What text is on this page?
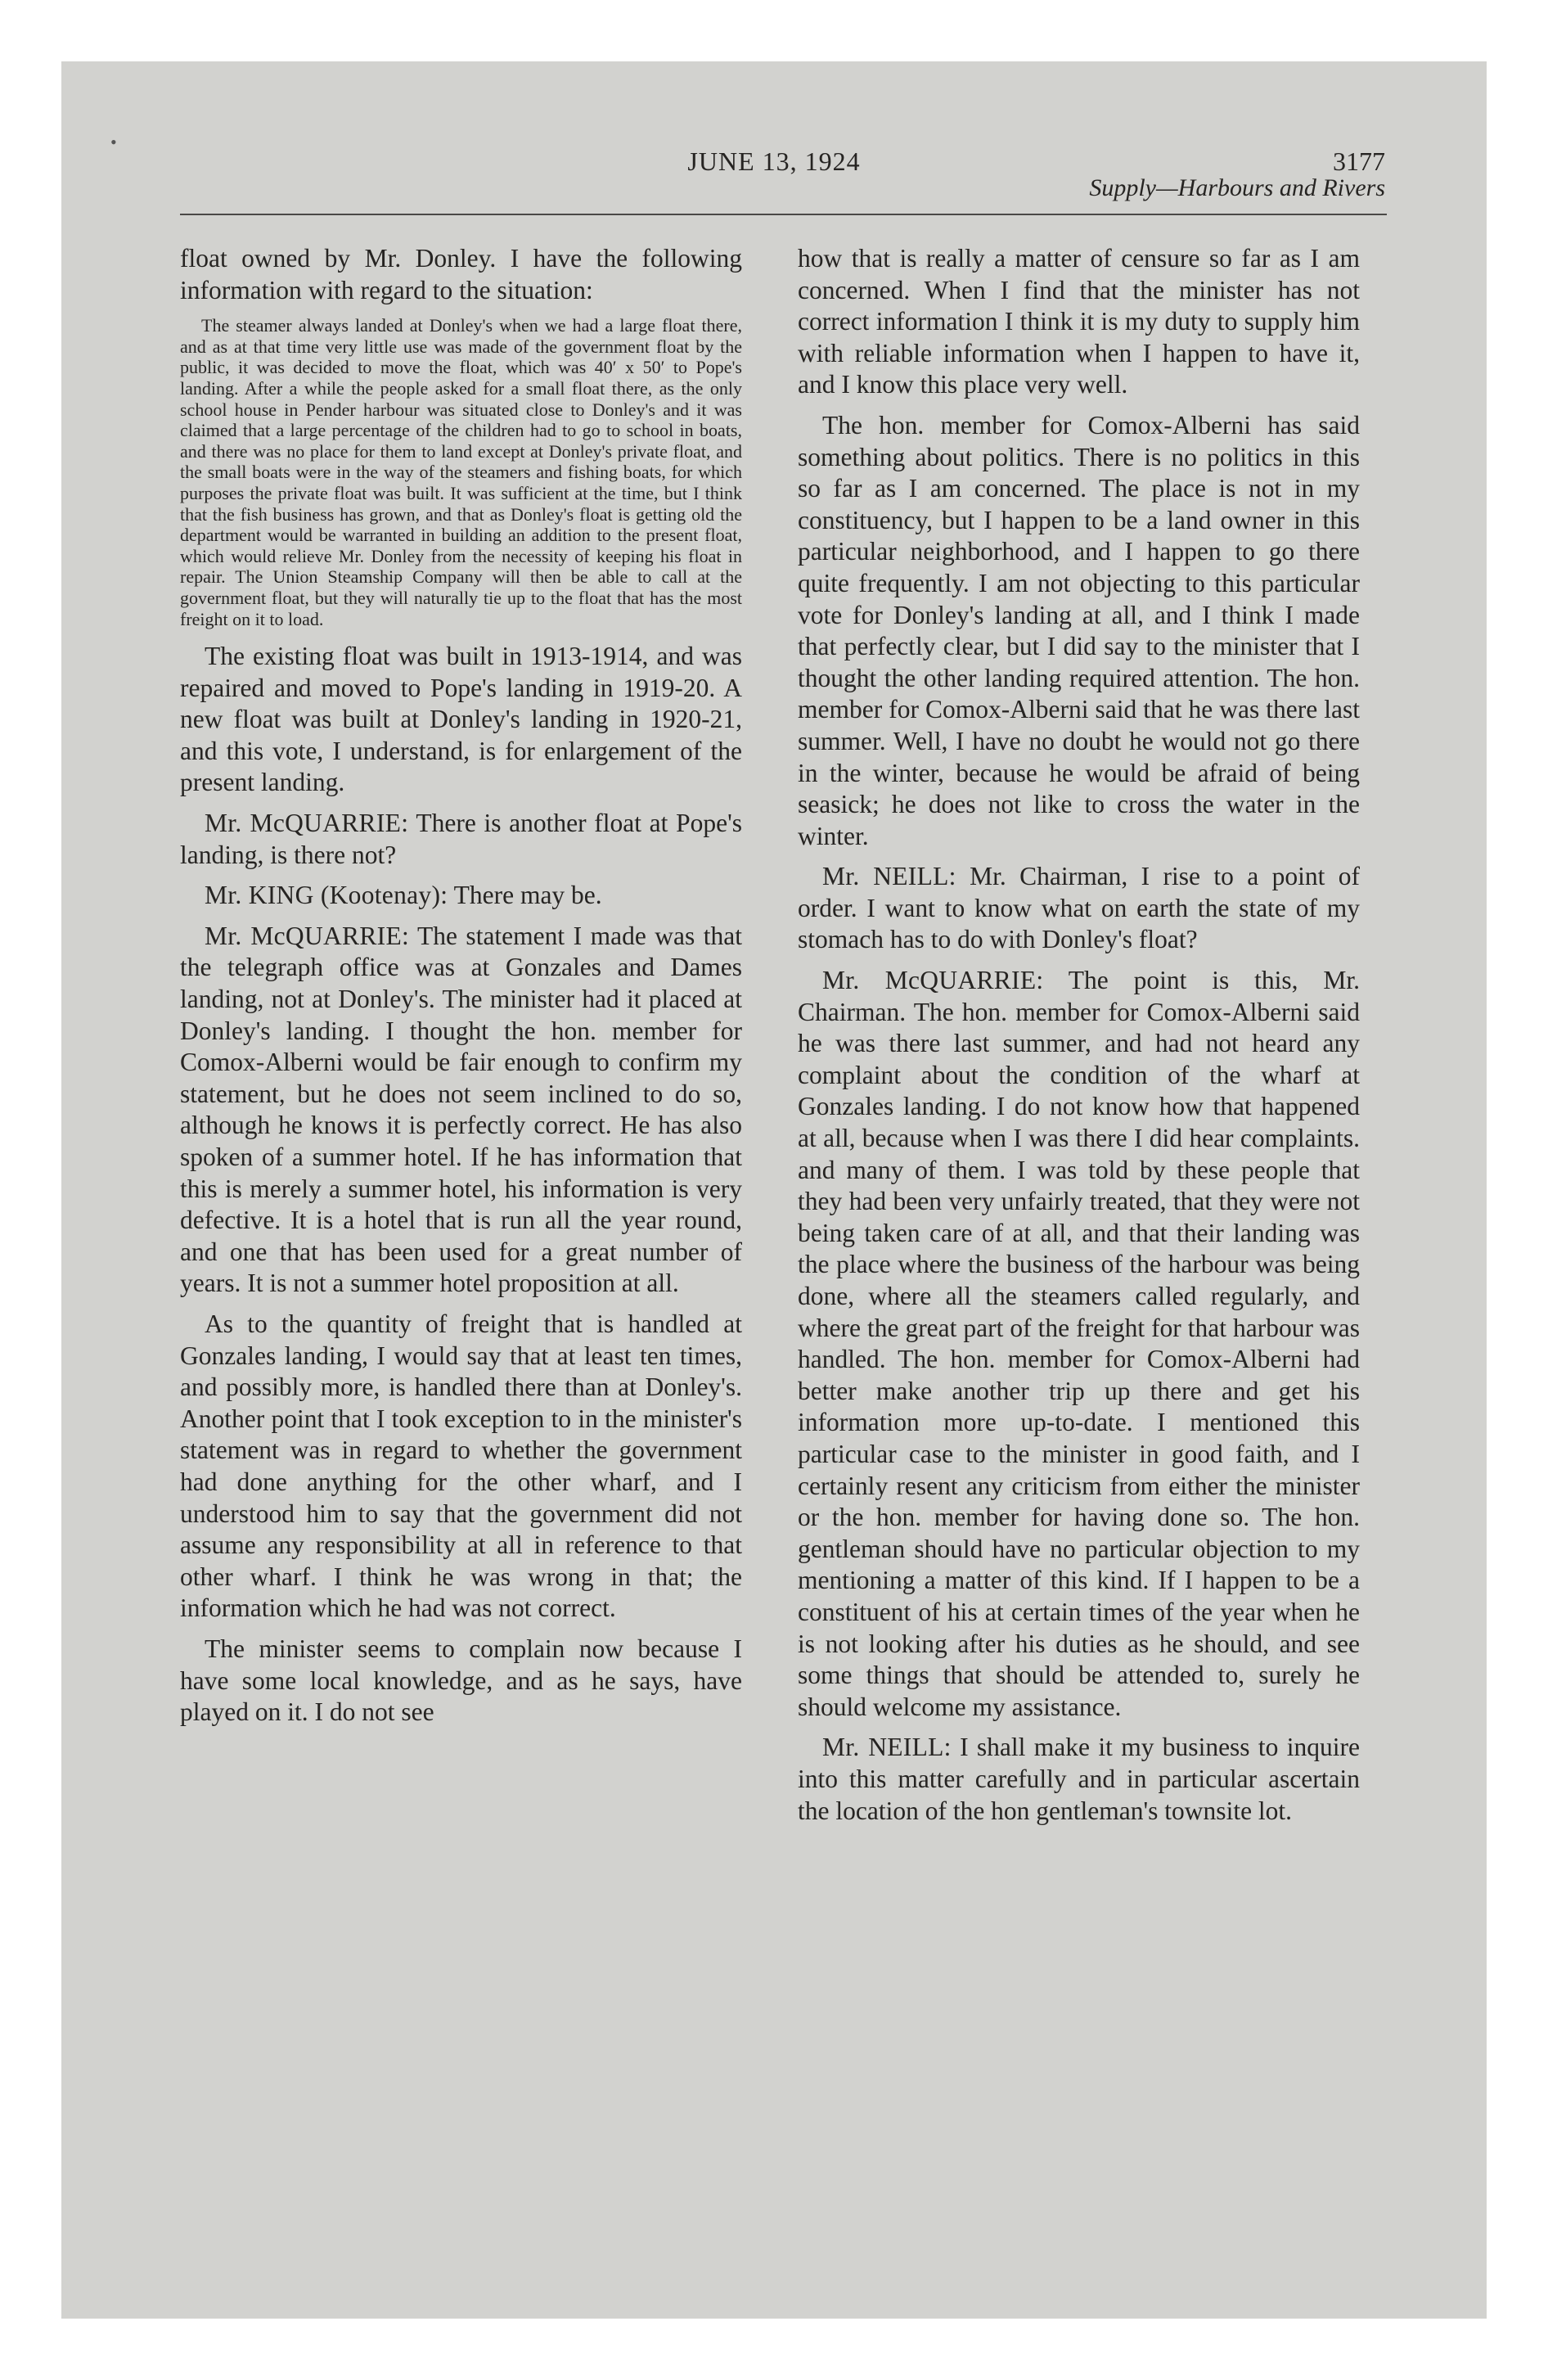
•
JUNE 13, 1924	3177
Supply—Harbours and Rivers

float owned by Mr. Donley. I have the following information with regard to the situation:

The steamer always landed at Donley's when we had a large float there, and as at that time very little use was made of the government float by the public, it was decided to move the float, which was 40′ x 50′ to Pope's landing. After a while the people asked for a small float there, as the only school house in Pender harbour was situated close to Donley's and it was claimed that a large percentage of the children had to go to school in boats, and there was no place for them to land except at Donley's private float, and the small boats were in the way of the steamers and fishing boats, for which purposes the private float was built. It was sufficient at the time, but I think that the fish business has grown, and that as Donley's float is getting old the department would be warranted in building an addition to the present float, which would relieve Mr. Donley from the necessity of keeping his float in repair. The Union Steamship Company will then be able to call at the government float, but they will naturally tie up to the float that has the most freight on it to load.

The existing float was built in 1913-1914, and was repaired and moved to Pope's landing in 1919-20. A new float was built at Donley's landing in 1920-21, and this vote, I understand, is for enlargement of the present landing.

Mr. McQUARRIE: There is another float at Pope's landing, is there not?

Mr. KING (Kootenay): There may be.

Mr. McQUARRIE: The statement I made was that the telegraph office was at Gonzales and Dames landing, not at Donley's. The minister had it placed at Donley's landing. I thought the hon. member for Comox-Alberni would be fair enough to confirm my statement, but he does not seem inclined to do so, although he knows it is perfectly correct. He has also spoken of a summer hotel. If he has information that this is merely a summer hotel, his information is very defective. It is a hotel that is run all the year round, and one that has been used for a great number of years. It is not a summer hotel proposition at all.

As to the quantity of freight that is handled at Gonzales landing, I would say that at least ten times, and possibly more, is handled there than at Donley's. Another point that I took exception to in the minister's statement was in regard to whether the government had done anything for the other wharf, and I understood him to say that the government did not assume any responsibility at all in reference to that other wharf. I think he was wrong in that; the information which he had was not correct.

The minister seems to complain now because I have some local knowledge, and as he says, have played on it. I do not see

how that is really a matter of censure so far as I am concerned. When I find that the minister has not correct information I think it is my duty to supply him with reliable information when I happen to have it, and I know this place very well.

The hon. member for Comox-Alberni has said something about politics. There is no politics in this so far as I am concerned. The place is not in my constituency, but I happen to be a land owner in this particular neighborhood, and I happen to go there quite frequently. I am not objecting to this particular vote for Donley's landing at all, and I think I made that perfectly clear, but I did say to the minister that I thought the other landing required attention. The hon. member for Comox-Alberni said that he was there last summer. Well, I have no doubt he would not go there in the winter, because he would be afraid of being seasick; he does not like to cross the water in the winter.

Mr. NEILL: Mr. Chairman, I rise to a point of order. I want to know what on earth the state of my stomach has to do with Donley's float?

Mr. McQUARRIE: The point is this, Mr. Chairman. The hon. member for Comox-Alberni said he was there last summer, and had not heard any complaint about the condition of the wharf at Gonzales landing. I do not know how that happened at all, because when I was there I did hear complaints. and many of them. I was told by these people that they had been very unfairly treated, that they were not being taken care of at all, and that their landing was the place where the business of the harbour was being done, where all the steamers called regularly, and where the great part of the freight for that harbour was handled. The hon. member for Comox-Alberni had better make another trip up there and get his information more up-to-date. I mentioned this particular case to the minister in good faith, and I certainly resent any criticism from either the minister or the hon. member for having done so. The hon. gentleman should have no particular objection to my mentioning a matter of this kind. If I happen to be a constituent of his at certain times of the year when he is not looking after his duties as he should, and see some things that should be attended to, surely he should welcome my assistance.

Mr. NEILL: I shall make it my business to inquire into this matter carefully and in particular ascertain the location of the hon gentleman's townsite lot.
